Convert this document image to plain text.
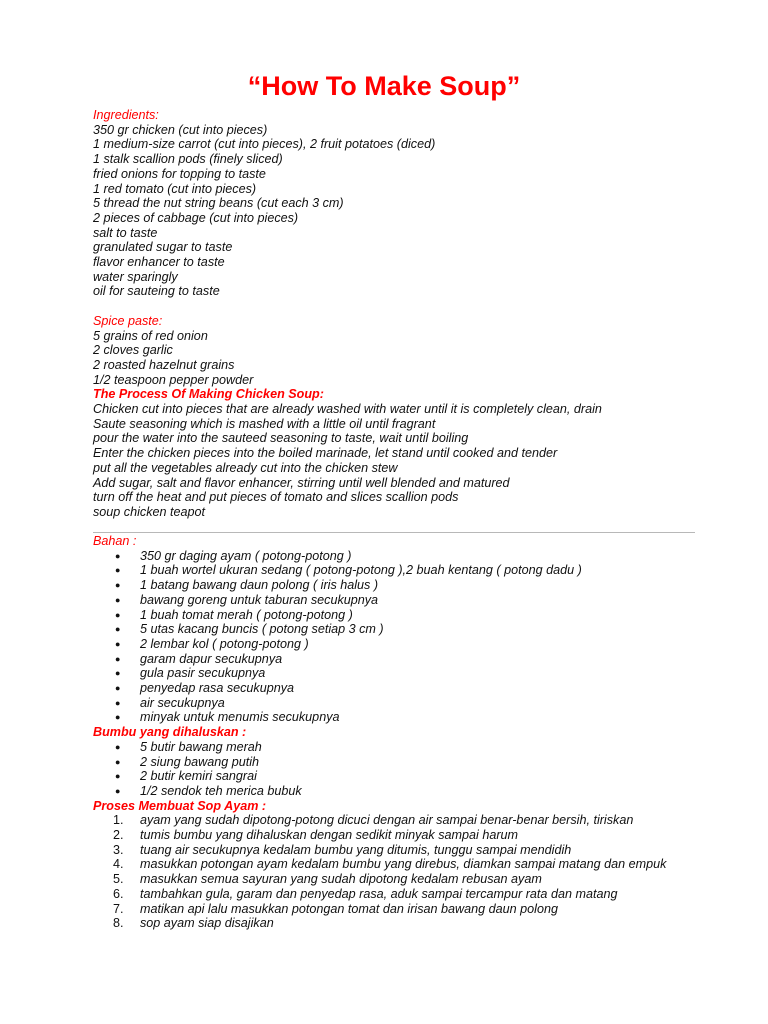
“How To Make Soup”
Ingredients:
350 gr chicken (cut into pieces)
1 medium-size carrot (cut into pieces), 2 fruit potatoes (diced)
1 stalk scallion pods (finely sliced)
fried onions for topping to taste
1 red tomato (cut into pieces)
5 thread the nut string beans (cut each 3 cm)
2 pieces of cabbage (cut into pieces)
salt to taste
granulated sugar to taste
flavor enhancer to taste
water sparingly
oil for sauteing to taste
Spice paste:
5 grains of red onion
2 cloves garlic
2 roasted hazelnut grains
1/2 teaspoon pepper powder
The Process Of Making Chicken Soup:
Chicken cut into pieces that are already washed with water until it is completely clean, drain
Saute seasoning which is mashed with a little oil until fragrant
pour the water into the sauteed seasoning to taste, wait until boiling
Enter the chicken pieces into the boiled marinade, let stand until cooked and tender
put all the vegetables already cut into the chicken stew
Add sugar, salt and flavor enhancer, stirring until well blended and matured
turn off the heat and put pieces of tomato and slices scallion pods
soup chicken teapot
Bahan :
● 350 gr daging ayam ( potong-potong )
● 1 buah wortel ukuran sedang ( potong-potong ),2 buah kentang ( potong dadu )
● 1 batang bawang daun polong ( iris halus )
● bawang goreng untuk taburan secukupnya
● 1 buah tomat merah ( potong-potong )
● 5 utas kacang buncis ( potong setiap 3 cm )
● 2 lembar kol ( potong-potong )
● garam dapur secukupnya
● gula pasir secukupnya
● penyedap rasa secukupnya
● air secukupnya
● minyak untuk menumis secukupnya
Bumbu yang dihaluskan :
● 5 butir bawang merah
● 2 siung bawang putih
● 2 butir kemiri sangrai
● 1/2 sendok teh merica bubuk
Proses Membuat Sop Ayam :
1. ayam yang sudah dipotong-potong dicuci dengan air sampai benar-benar bersih, tiriskan
2. tumis bumbu yang dihaluskan dengan sedikit minyak sampai harum
3. tuang air secukupnya kedalam bumbu yang ditumis, tunggu sampai mendidih
4. masukkan potongan ayam kedalam bumbu yang direbus, diamkan sampai matang dan empuk
5. masukkan semua sayuran yang sudah dipotong kedalam rebusan ayam
6. tambahkan gula, garam dan penyedap rasa, aduk sampai tercampur rata dan matang
7. matikan api lalu masukkan potongan tomat dan irisan bawang daun polong
8. sop ayam siap disajikan
